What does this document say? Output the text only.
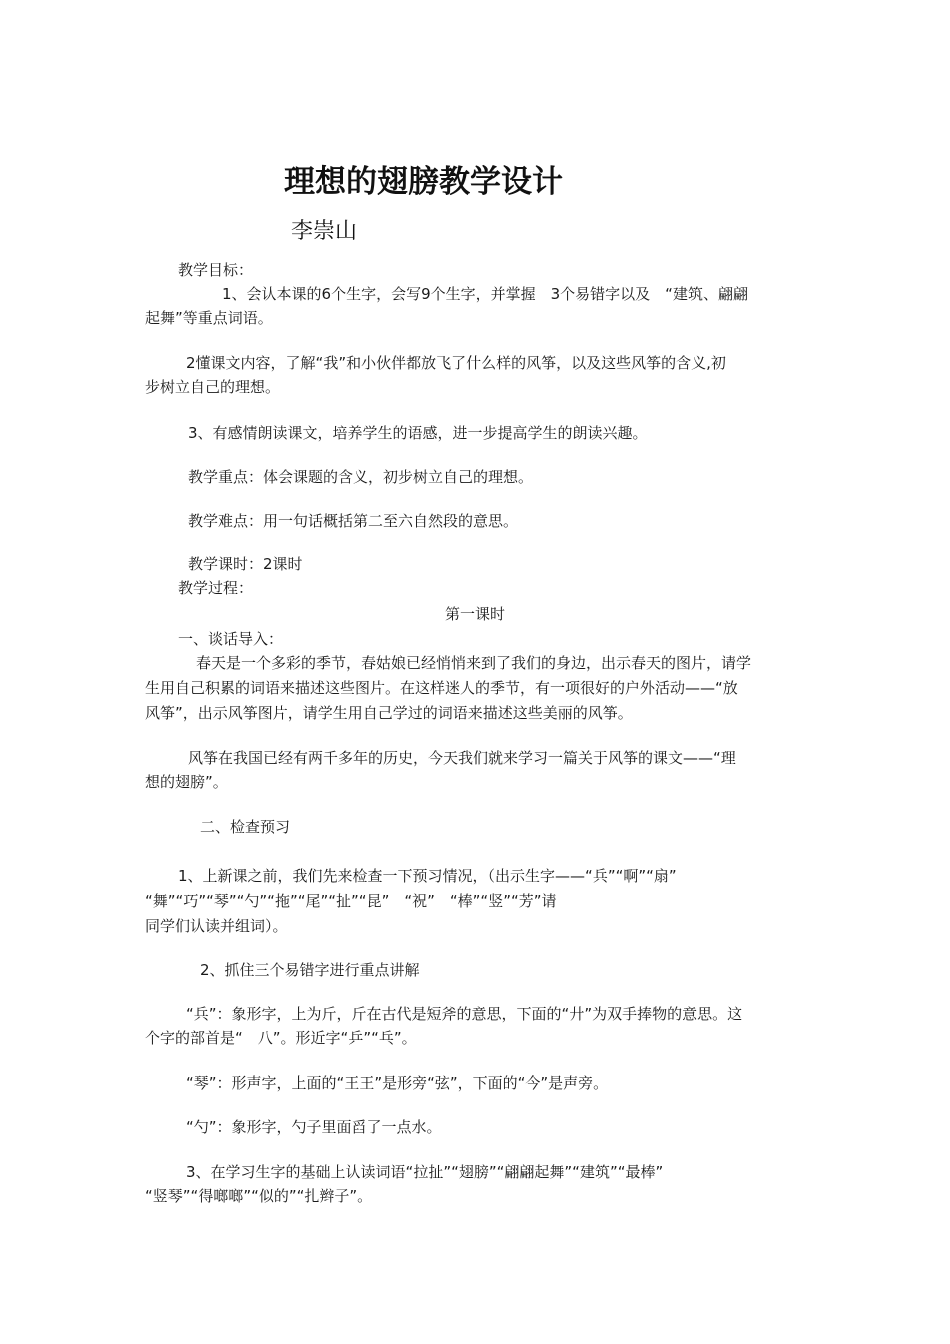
理想的翅膀教学设计
李崇山
教学目标：
1、会认本课的6个生字，会写9个生字，并掌握　3个易错字以及　“建筑、翩翩
起舞”等重点词语。
2懂课文内容，了解“我”和小伙伴都放飞了什么样的风筝，以及这些风筝的含义,初
步树立自己的理想。
3、有感情朗读课文，培养学生的语感，进一步提高学生的朗读兴趣。
教学重点：体会课题的含义，初步树立自己的理想。
教学难点：用一句话概括第二至六自然段的意思。
教学课时：2课时
教学过程：
第一课时
一、谈话导入：
春天是一个多彩的季节，春姑娘已经悄悄来到了我们的身边，出示春天的图片，请学
生用自己积累的词语来描述这些图片。在这样迷人的季节，有一项很好的户外活动——“放
风筝”，出示风筝图片，请学生用自己学过的词语来描述这些美丽的风筝。
风筝在我国已经有两千多年的历史，今天我们就来学习一篇关于风筝的课文——“理
想的翅膀”。
二、检查预习
1、上新课之前，我们先来检查一下预习情况，（出示生字——“兵”“啊”“扇”
“舞”“巧”“琴”“勺”“拖”“尾”“扯”“昆”　“祝”　“棒”“竖”“芳”请
同学们认读并组词）。
2、抓住三个易错字进行重点讲解
“兵”：象形字，上为斤，斤在古代是短斧的意思，下面的“廾”为双手捧物的意思。这
个字的部首是“　八”。形近字“乒”“乓”。
“琴”：形声字，上面的“王王”是形旁“弦”，下面的“今”是声旁。
“勺”：象形字，勺子里面舀了一点水。
3、在学习生字的基础上认读词语“拉扯”“翅膀”“翩翩起舞”“建筑”“最棒”
“竖琴”“得啷啷”“似的”“扎辫子”。
